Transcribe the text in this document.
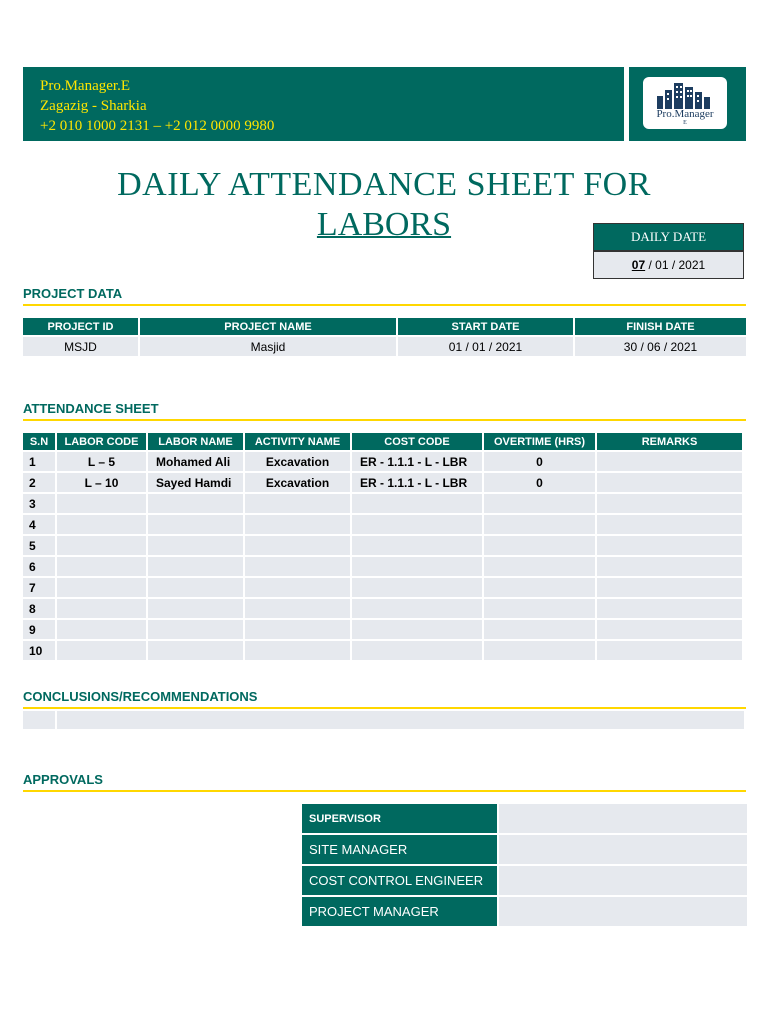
Pro.Manager.E
Zagazig - Sharkia
+2 010 1000 2131 – +2 012 0000 9980
Pro.Manager
E
DAILY ATTENDANCE SHEET FOR
LABORS	DAILY DATE
07 / 01 / 2021
PROJECT DATA
PROJECT ID	PROJECT NAME	START DATE	FINISH DATE
MSJD	Masjid	01 / 01 / 2021	30 / 06 / 2021
ATTENDANCE SHEET
S.N	LABOR CODE	LABOR NAME	ACTIVITY NAME	COST CODE	OVERTIME (HRS)	REMARKS
1	L – 5	Mohamed Ali	Excavation	ER - 1.1.1 - L - LBR	0	
2	L – 10	Sayed Hamdi	Excavation	ER - 1.1.1 - L - LBR	0	
3						
4						
5						
6						
7						
8						
9						
10						
CONCLUSIONS/RECOMMENDATIONS

APPROVALS
SUPERVISOR	
SITE MANAGER	
COST CONTROL ENGINEER	
PROJECT MANAGER	
